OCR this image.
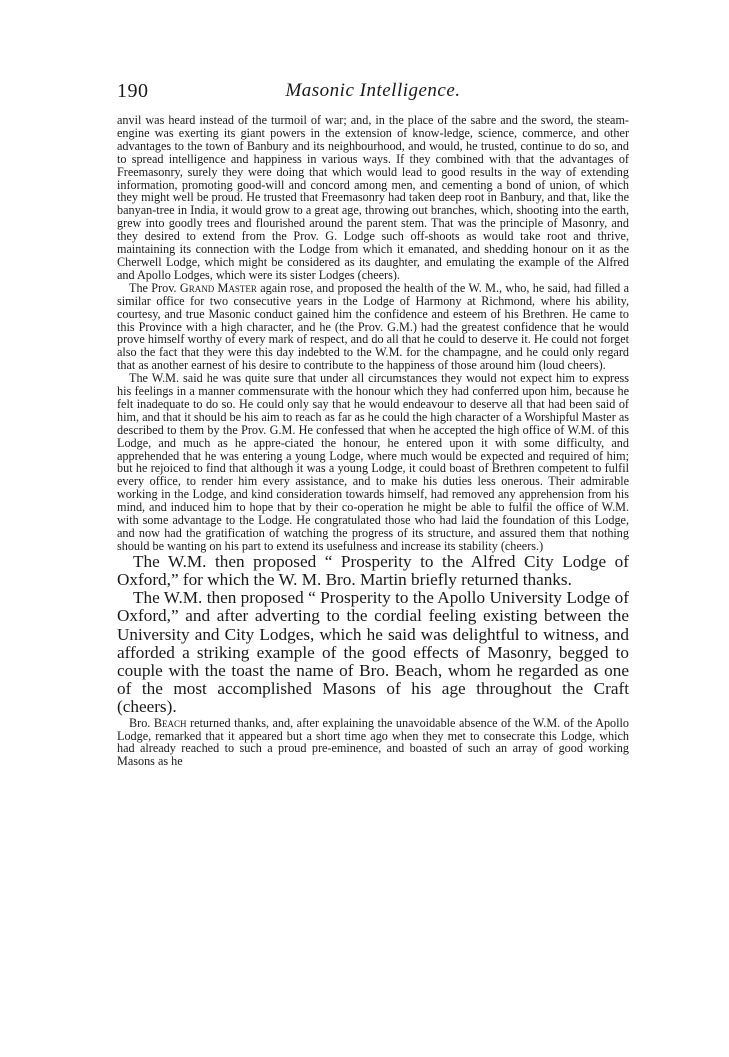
190	Masonic Intelligence.

anvil was heard instead of the turmoil of war; and, in the place of the sabre and the sword, the steam-engine was exerting its giant powers in the extension of know-ledge, science, commerce, and other advantages to the town of Banbury and its neighbourhood, and would, he trusted, continue to do so, and to spread intelligence and happiness in various ways. If they combined with that the advantages of Freemasonry, surely they were doing that which would lead to good results in the way of extending information, promoting good-will and concord among men, and cementing a bond of union, of which they might well be proud. He trusted that Freemasonry had taken deep root in Banbury, and that, like the banyan-tree in India, it would grow to a great age, throwing out branches, which, shooting into the earth, grew into goodly trees and flourished around the parent stem. That was the principle of Masonry, and they desired to extend from the Prov. G. Lodge such off-shoots as would take root and thrive, maintaining its connection with the Lodge from which it emanated, and shedding honour on it as the Cherwell Lodge, which might be considered as its daughter, and emulating the example of the Alfred and Apollo Lodges, which were its sister Lodges (cheers).

The Prov. Grand Master again rose, and proposed the health of the W. M., who, he said, had filled a similar office for two consecutive years in the Lodge of Harmony at Richmond, where his ability, courtesy, and true Masonic conduct gained him the confidence and esteem of his Brethren. He came to this Province with a high character, and he (the Prov. G.M.) had the greatest confidence that he would prove himself worthy of every mark of respect, and do all that he could to deserve it. He could not forget also the fact that they were this day indebted to the W.M. for the champagne, and he could only regard that as another earnest of his desire to contribute to the happiness of those around him (loud cheers).

The W.M. said he was quite sure that under all circumstances they would not expect him to express his feelings in a manner commensurate with the honour which they had conferred upon him, because he felt inadequate to do so. He could only say that he would endeavour to deserve all that had been said of him, and that it should be his aim to reach as far as he could the high character of a Worshipful Master as described to them by the Prov. G.M. He confessed that when he accepted the high office of W.M. of this Lodge, and much as he appre-ciated the honour, he entered upon it with some difficulty, and apprehended that he was entering a young Lodge, where much would be expected and required of him; but he rejoiced to find that although it was a young Lodge, it could boast of Brethren competent to fulfil every office, to render him every assistance, and to make his duties less onerous. Their admirable working in the Lodge, and kind consideration towards himself, had removed any apprehension from his mind, and induced him to hope that by their co-operation he might be able to fulfil the office of W.M. with some advantage to the Lodge. He congratulated those who had laid the foundation of this Lodge, and now had the gratification of watching the progress of its structure, and assured them that nothing should be wanting on his part to extend its usefulness and increase its stability (cheers.)

The W.M. then proposed “ Prosperity to the Alfred City Lodge of Oxford,” for which the W. M. Bro. Martin briefly returned thanks.

The W.M. then proposed “ Prosperity to the Apollo University Lodge of Oxford,” and after adverting to the cordial feeling existing between the University and City Lodges, which he said was delightful to witness, and afforded a striking example of the good effects of Masonry, begged to couple with the toast the name of Bro. Beach, whom he regarded as one of the most accomplished Masons of his age throughout the Craft (cheers).

Bro. Beach returned thanks, and, after explaining the unavoidable absence of the W.M. of the Apollo Lodge, remarked that it appeared but a short time ago when they met to consecrate this Lodge, which had already reached to such a proud pre-eminence, and boasted of such an array of good working Masons as he
